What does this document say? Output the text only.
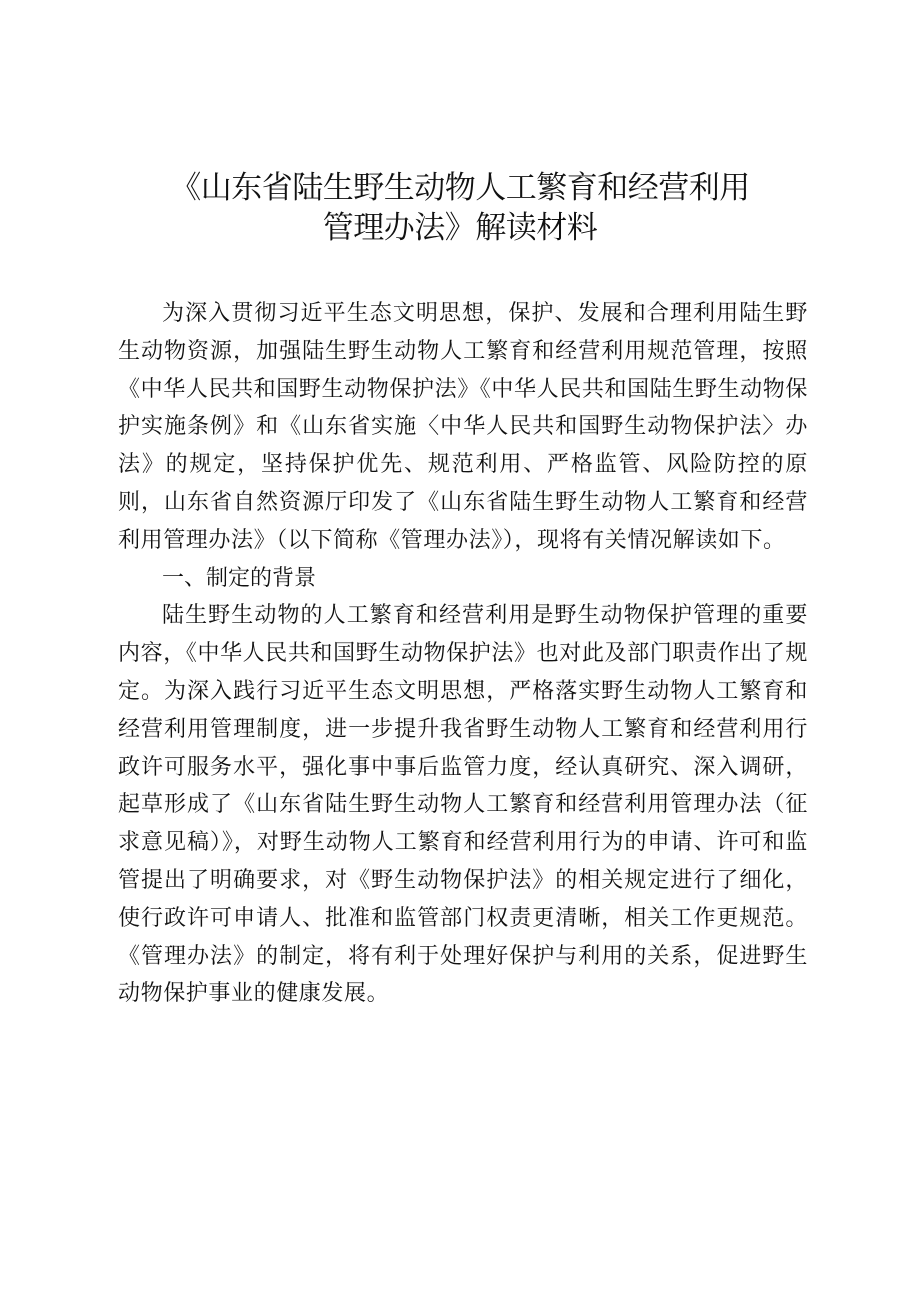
《山东省陆生野生动物人工繁育和经营利用
管理办法》解读材料

为深入贯彻习近平生态文明思想，保护、发展和合理利用陆生野生动物资源，加强陆生野生动物人工繁育和经营利用规范管理，按照《中华人民共和国野生动物保护法》《中华人民共和国陆生野生动物保护实施条例》和《山东省实施〈中华人民共和国野生动物保护法〉办法》的规定，坚持保护优先、规范利用、严格监管、风险防控的原则，山东省自然资源厅印发了《山东省陆生野生动物人工繁育和经营利用管理办法》（以下简称《管理办法》），现将有关情况解读如下。

一、制定的背景

陆生野生动物的人工繁育和经营利用是野生动物保护管理的重要内容，《中华人民共和国野生动物保护法》也对此及部门职责作出了规定。为深入践行习近平生态文明思想，严格落实野生动物人工繁育和经营利用管理制度，进一步提升我省野生动物人工繁育和经营利用行政许可服务水平，强化事中事后监管力度，经认真研究、深入调研，起草形成了《山东省陆生野生动物人工繁育和经营利用管理办法（征求意见稿）》，对野生动物人工繁育和经营利用行为的申请、许可和监管提出了明确要求，对《野生动物保护法》的相关规定进行了细化，使行政许可申请人、批准和监管部门权责更清晰，相关工作更规范。《管理办法》的制定，将有利于处理好保护与利用的关系，促进野生动物保护事业的健康发展。
